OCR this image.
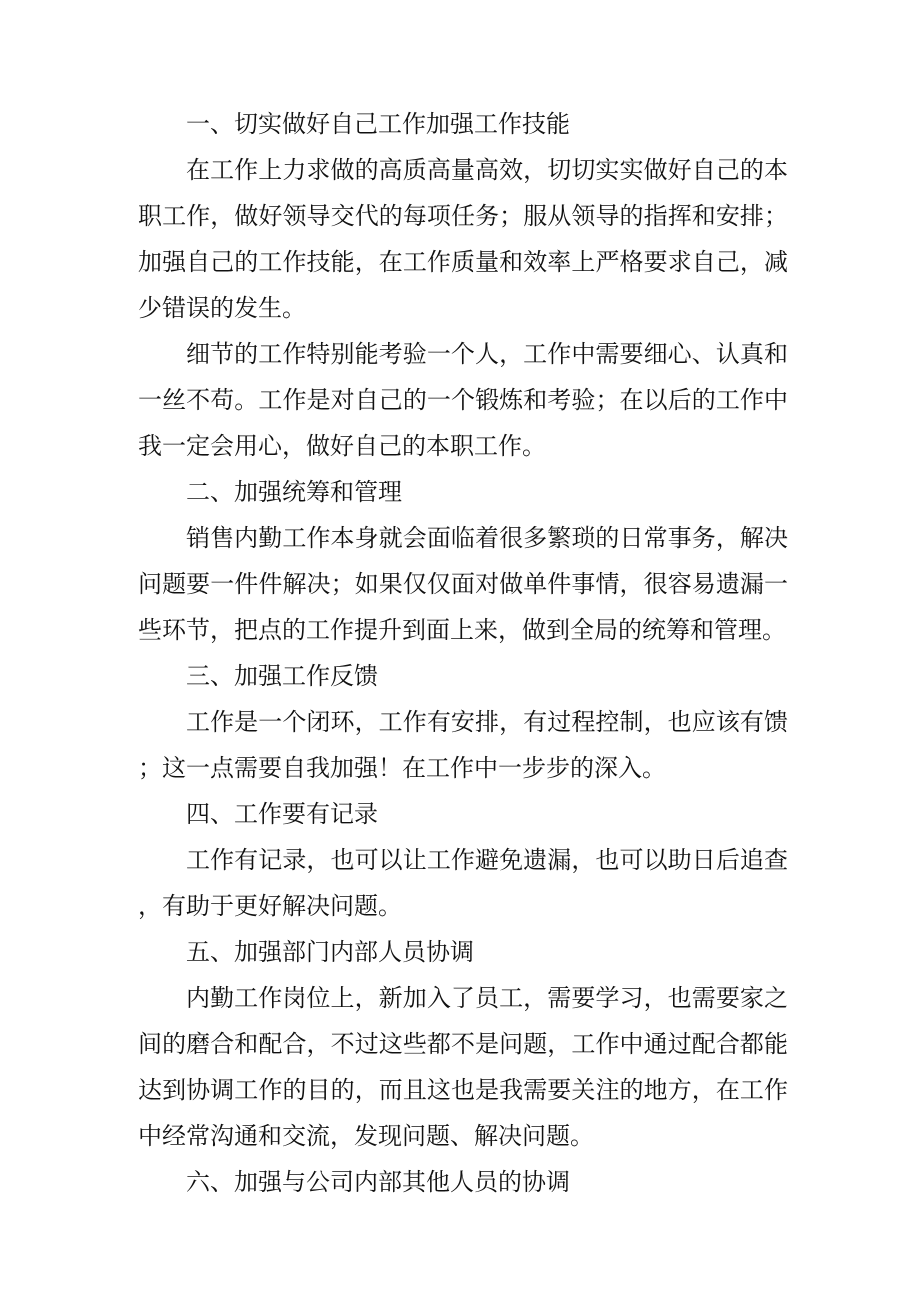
一、切实做好自己工作加强工作技能

在工作上力求做的高质高量高效，切切实实做好自己的本职工作，做好领导交代的每项任务；服从领导的指挥和安排；加强自己的工作技能，在工作质量和效率上严格要求自己，减少错误的发生。

细节的工作特别能考验一个人，工作中需要细心、认真和一丝不苟。工作是对自己的一个锻炼和考验；在以后的工作中我一定会用心，做好自己的本职工作。

二、加强统筹和管理

销售内勤工作本身就会面临着很多繁琐的日常事务，解决问题要一件件解决；如果仅仅面对做单件事情，很容易遗漏一些环节，把点的工作提升到面上来，做到全局的统筹和管理。

三、加强工作反馈

工作是一个闭环，工作有安排，有过程控制，也应该有馈；这一点需要自我加强！在工作中一步步的深入。

四、工作要有记录

工作有记录，也可以让工作避免遗漏，也可以助日后追查，有助于更好解决问题。

五、加强部门内部人员协调

内勤工作岗位上，新加入了员工，需要学习，也需要家之间的磨合和配合，不过这些都不是问题，工作中通过配合都能达到协调工作的目的，而且这也是我需要关注的地方，在工作中经常沟通和交流，发现问题、解决问题。

六、加强与公司内部其他人员的协调
